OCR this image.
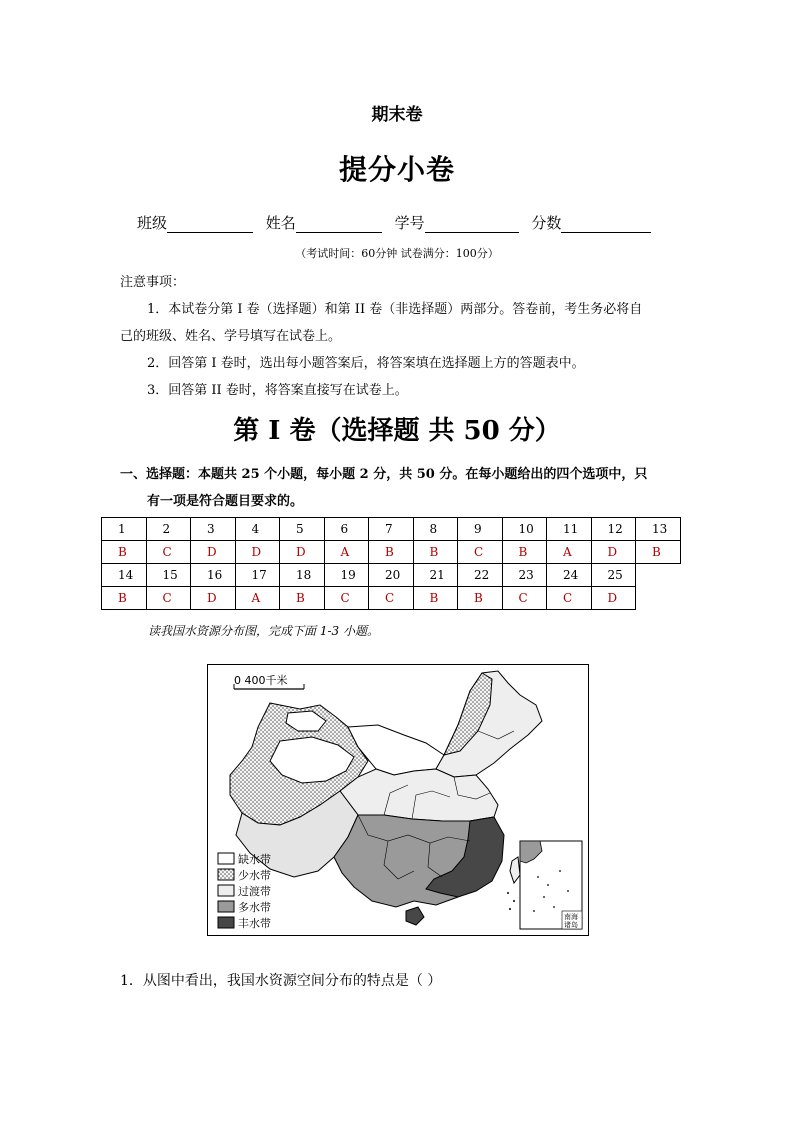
期末卷
提分小卷
班级	姓名	学号	分数
（考试时间：60分钟 试卷满分：100分）
注意事项：
1．本试卷分第 I 卷（选择题）和第 II 卷（非选择题）两部分。答卷前，考生务必将自
己的班级、姓名、学号填写在试卷上。
2．回答第 I 卷时，选出每小题答案后，将答案填在选择题上方的答题表中。
3．回答第 II 卷时，将答案直接写在试卷上。
第 I 卷（选择题 共 50 分）
一、选择题：本题共 25 个小题，每小题 2 分，共 50 分。在每小题给出的四个选项中，只
有一项是符合题目要求的。
1	2	3	4	5	6	7	8	9	10	11	12	13
B	C	D	D	D	A	B	B	C	B	A	D	B
14	15	16	17	18	19	20	21	22	23	24	25	
B	C	D	A	B	C	C	B	B	C	C	D	
读我国水资源分布图，完成下面 1-3 小题。
0 400千米
南海
诸岛
缺水带
少水带
过渡带
多水带
丰水带
1．从图中看出，我国水资源空间分布的特点是（ ）
